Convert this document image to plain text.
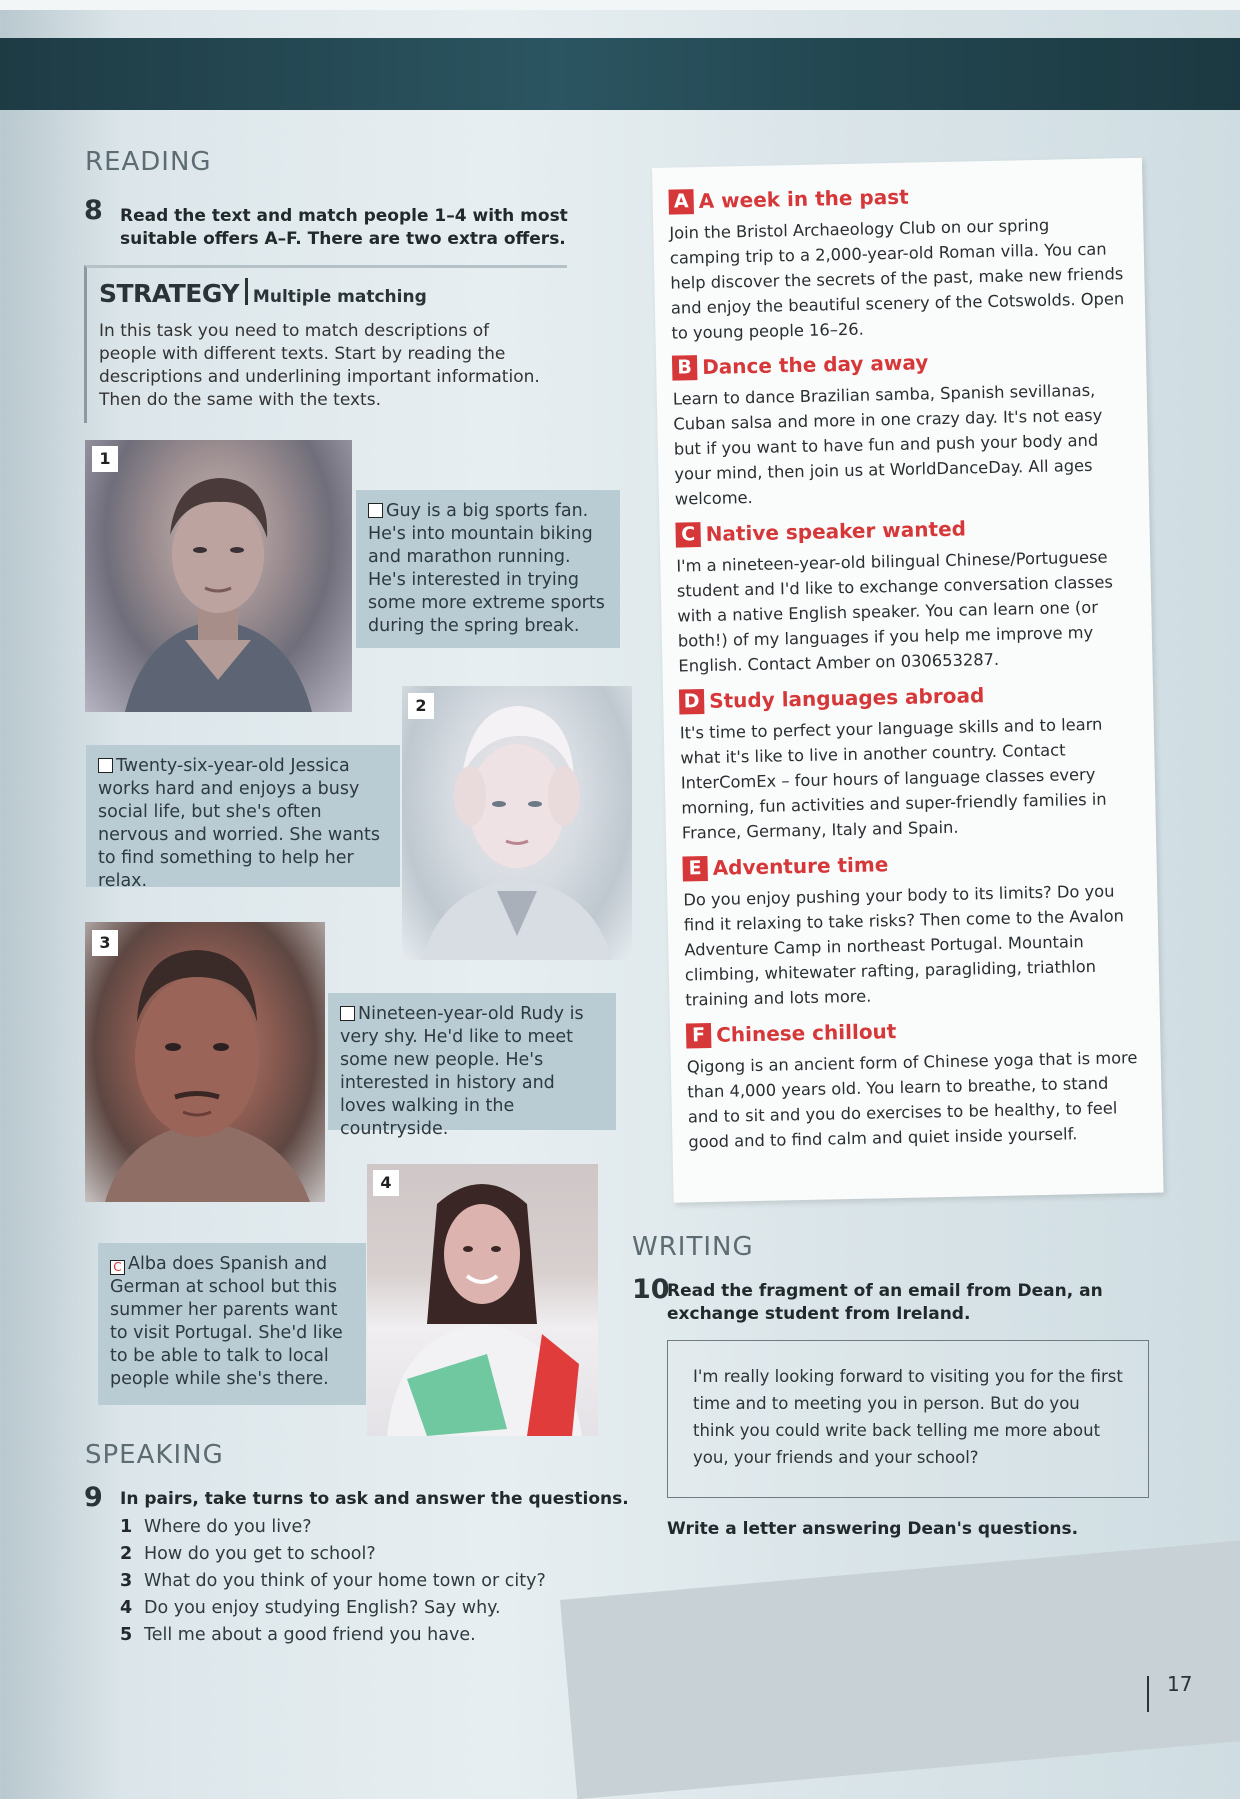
READING
8 Read the text and match people 1–4 with most
suitable offers A–F. There are two extra offers.
STRATEGY Multiple matching
In this task you need to match descriptions of people with different texts. Start by reading the descriptions and underlining important information. Then do the same with the texts.
1
2
3
4
Guy is a big sports fan. He's into mountain biking and marathon running. He's interested in trying some more extreme sports during the spring break.
Twenty-six-year-old Jessica works hard and enjoys a busy social life, but she's often nervous and worried. She wants to find something to help her relax.
Nineteen-year-old Rudy is very shy. He'd like to meet some new people. He's interested in history and loves walking in the countryside.
C Alba does Spanish and German at school but this summer her parents want to visit Portugal. She'd like to be able to talk to local people while she's there.
A A week in the past
Join the Bristol Archaeology Club on our spring camping trip to a 2,000-year-old Roman villa. You can help discover the secrets of the past, make new friends and enjoy the beautiful scenery of the Cotswolds. Open to young people 16–26.
B Dance the day away
Learn to dance Brazilian samba, Spanish sevillanas, Cuban salsa and more in one crazy day. It's not easy but if you want to have fun and push your body and your mind, then join us at WorldDanceDay. All ages welcome.
C Native speaker wanted
I'm a nineteen-year-old bilingual Chinese/Portuguese student and I'd like to exchange conversation classes with a native English speaker. You can learn one (or both!) of my languages if you help me improve my English. Contact Amber on 030653287.
D Study languages abroad
It's time to perfect your language skills and to learn what it's like to live in another country. Contact InterComEx – four hours of language classes every morning, fun activities and super-friendly families in France, Germany, Italy and Spain.
E Adventure time
Do you enjoy pushing your body to its limits? Do you find it relaxing to take risks? Then come to the Avalon Adventure Camp in northeast Portugal. Mountain climbing, whitewater rafting, paragliding, triathlon training and lots more.
F Chinese chillout
Qigong is an ancient form of Chinese yoga that is more than 4,000 years old. You learn to breathe, to stand and to sit and you do exercises to be healthy, to feel good and to find calm and quiet inside yourself.
SPEAKING
9 In pairs, take turns to ask and answer the questions.
1 Where do you live?
2 How do you get to school?
3 What do you think of your home town or city?
4 Do you enjoy studying English? Say why.
5 Tell me about a good friend you have.
WRITING
10
Read the fragment of an email from Dean, an
exchange student from Ireland.
I'm really looking forward to visiting you for the first time and to meeting you in person. But do you think you could write back telling me more about you, your friends and your school?
Write a letter answering Dean's questions.
17
